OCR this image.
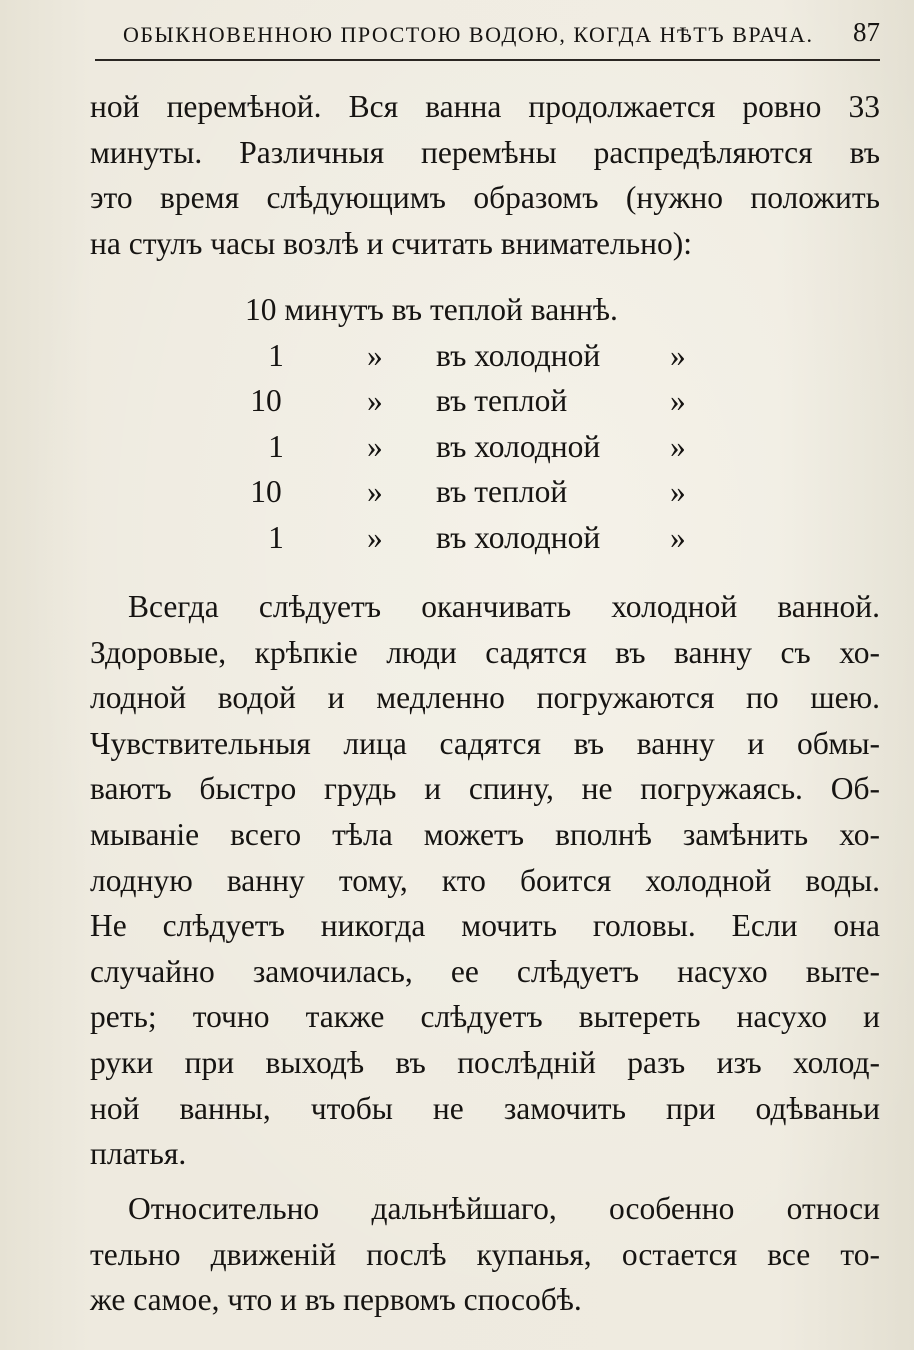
ОБЫКНОВЕННОЮ ПРОСТОЮ ВОДОЮ, КОГДА НѢТЪ ВРАЧА. 87
ной перемѣной. Вся ванна продолжается ровно 33
минуты. Различныя перемѣны распредѣляются въ
это время слѣдующимъ образомъ (нужно положить
на стулъ часы возлѣ и считать внимательно):
10 минутъ въ теплой ваннѣ.
1	» въ холодной »
10	» въ теплой	»
1	» въ холодной »
10	» въ теплой	»
1	» въ холодной »
Всегда слѣдуетъ оканчивать холодной ванной.
Здоровые, крѣпкіе люди садятся въ ванну съ хо-
лодной водой и медленно погружаются по шею.
Чувствительныя лица садятся въ ванну и обмы-
ваютъ быстро грудь и спину, не погружаясь. Об-
мываніе всего тѣла можетъ вполнѣ замѣнить хо-
лодную ванну тому, кто боится холодной воды.
Не слѣдуетъ никогда мочить головы. Если она
случайно замочилась, ее слѣдуетъ насухо выте-
реть; точно также слѣдуетъ вытереть насухо и
руки при выходѣ въ послѣдній разъ изъ холод-
ной ванны, чтобы не замочить при одѣваньи
платья.
Относительно дальнѣйшаго, особенно относи
тельно движеній послѣ купанья, остается все то-
же самое, что и въ первомъ способѣ.
